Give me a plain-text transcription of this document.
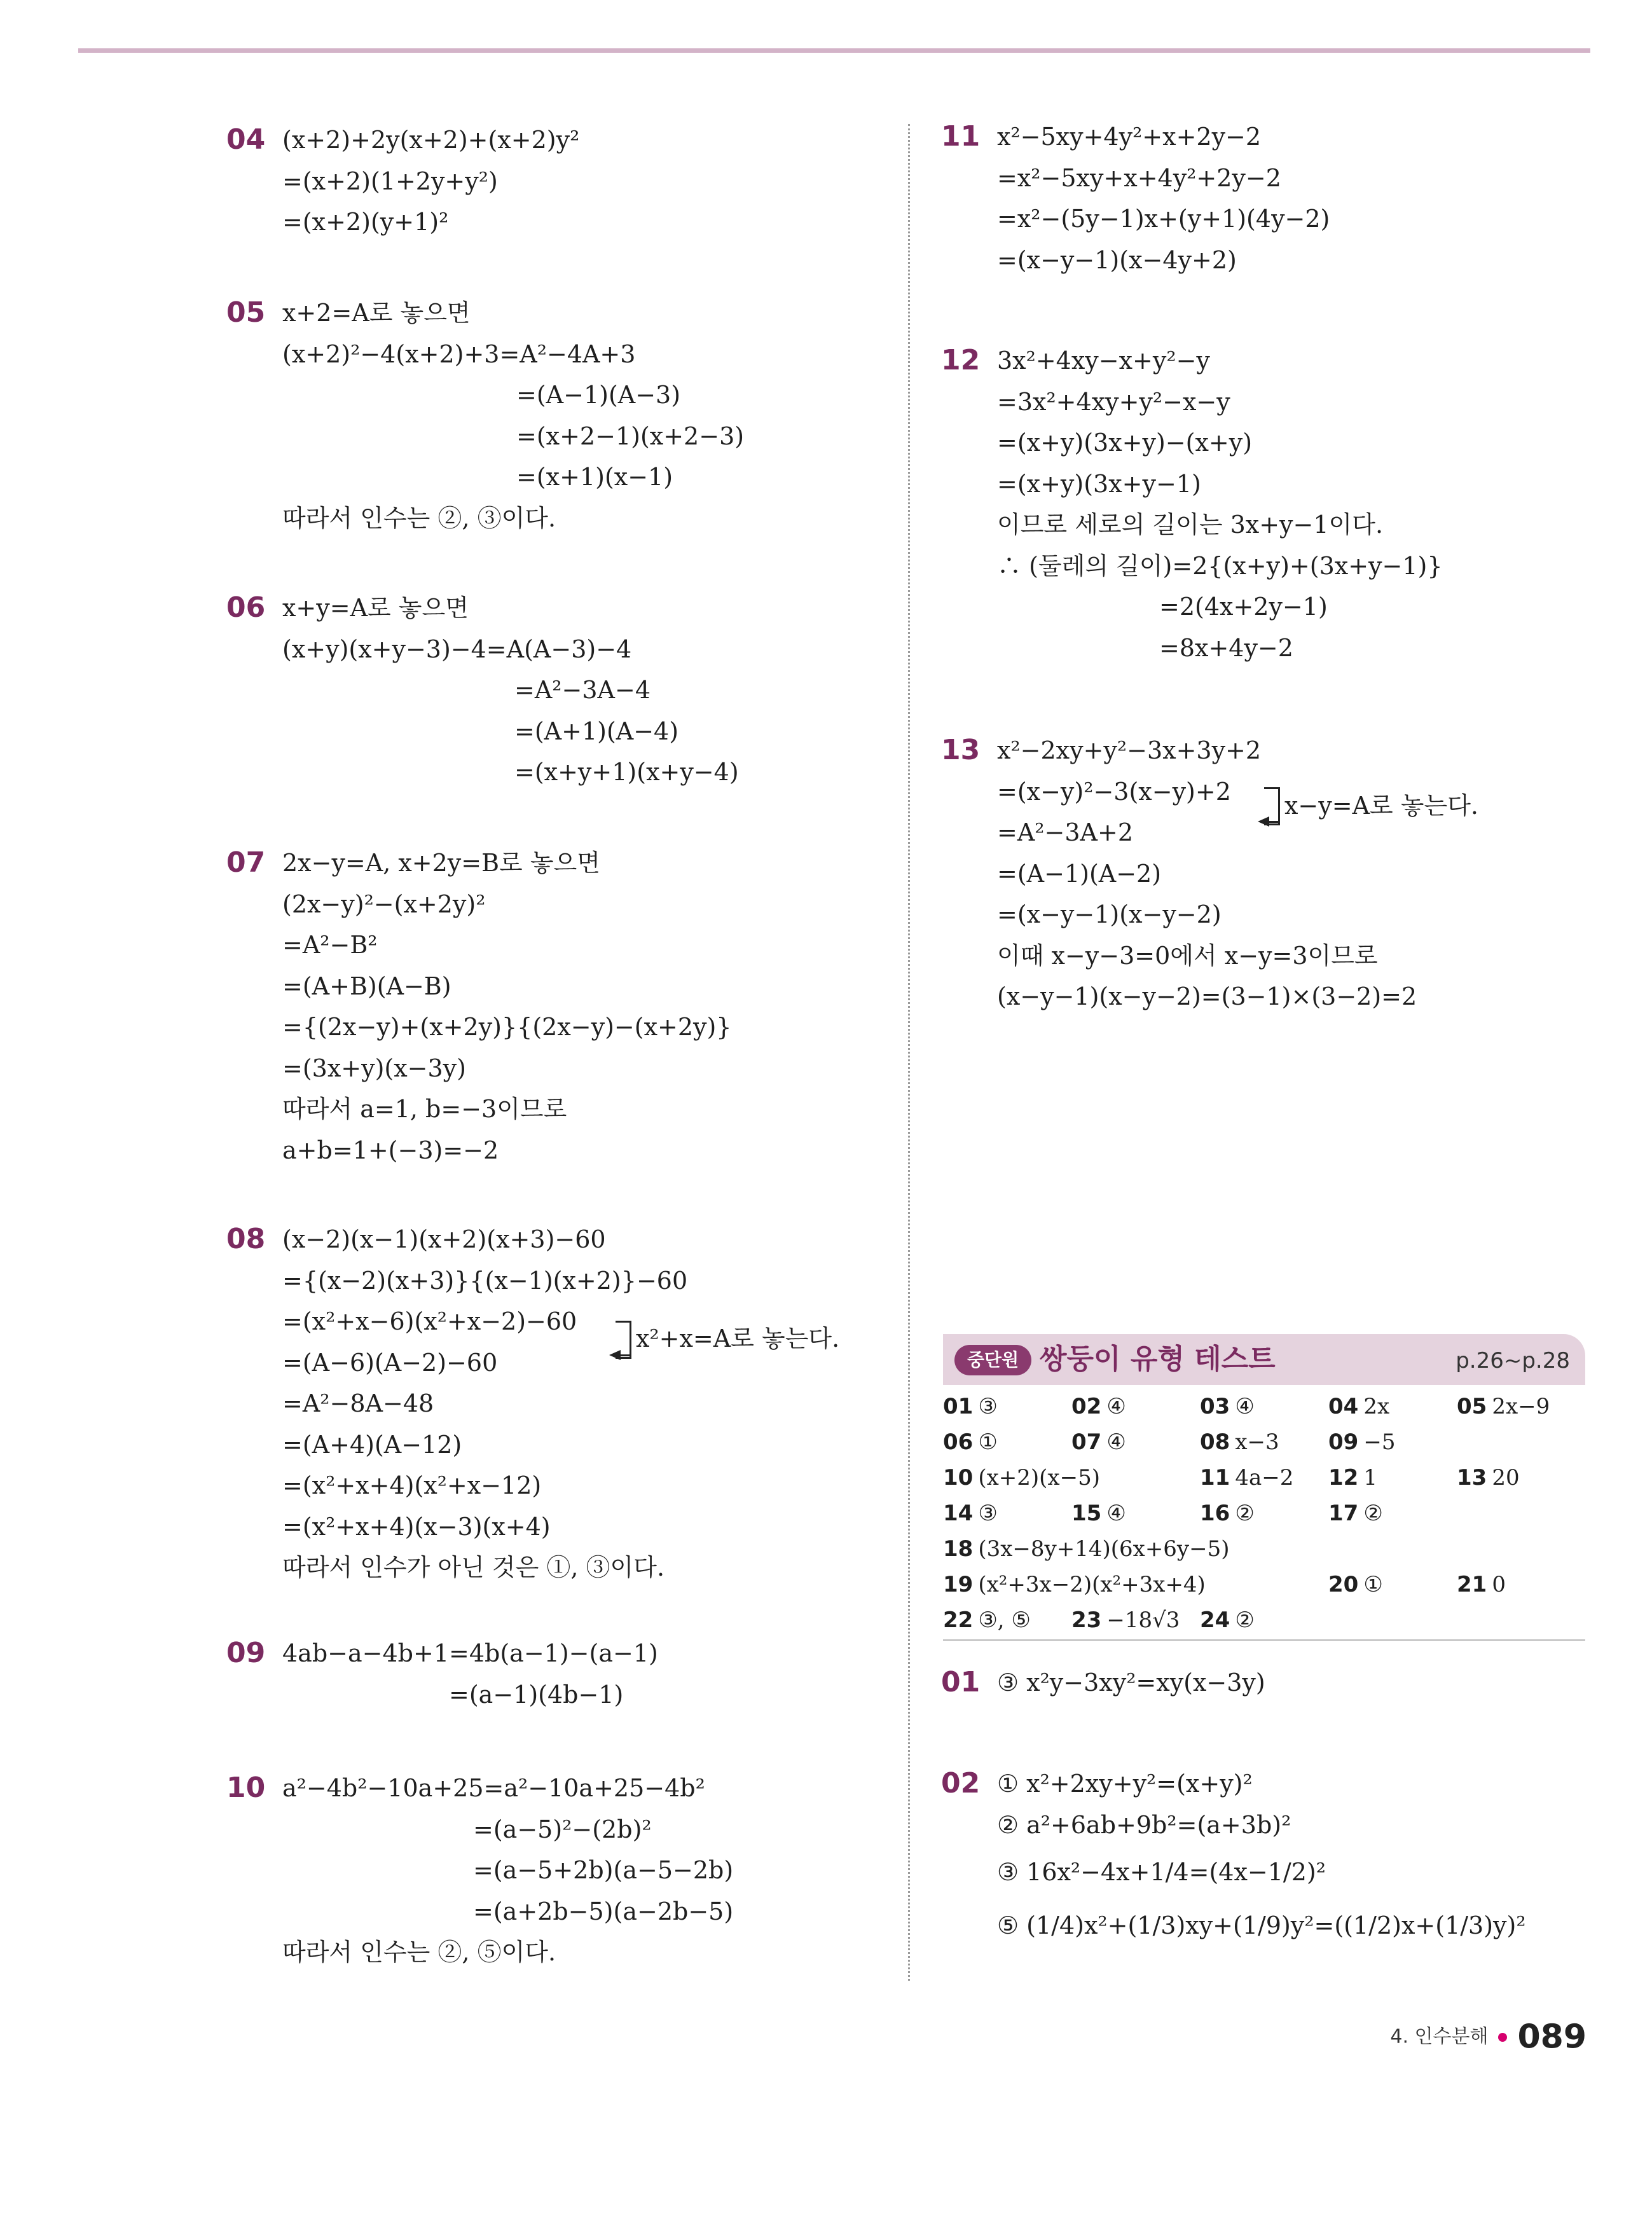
04 (x+2)+2y(x+2)+(x+2)y²
=(x+2)(1+2y+y²)
=(x+2)(y+1)²
05 x+2=A로 놓으면
(x+2)²−4(x+2)+3=A²−4A+3
=(A−1)(A−3)
=(x+2−1)(x+2−3)
=(x+1)(x−1)
따라서 인수는 ②, ③이다.
06 x+y=A로 놓으면
(x+y)(x+y−3)−4=A(A−3)−4
=A²−3A−4
=(A+1)(A−4)
=(x+y+1)(x+y−4)
07 2x−y=A, x+2y=B로 놓으면
(2x−y)²−(x+2y)²
=A²−B²
=(A+B)(A−B)
={(2x−y)+(x+2y)}{(2x−y)−(x+2y)}
=(3x+y)(x−3y)
따라서 a=1, b=−3이므로
a+b=1+(−3)=−2
08 (x−2)(x−1)(x+2)(x+3)−60
={(x−2)(x+3)}{(x−1)(x+2)}−60
=(x²+x−6)(x²+x−2)−60
=(A−6)(A−2)−60
=A²−8A−48
=(A+4)(A−12)
=(x²+x+4)(x²+x−12)
=(x²+x+4)(x−3)(x+4)
따라서 인수가 아닌 것은 ①, ③이다.
x²+x=A로 놓는다.
09 4ab−a−4b+1=4b(a−1)−(a−1)
=(a−1)(4b−1)
10 a²−4b²−10a+25=a²−10a+25−4b²
=(a−5)²−(2b)²
=(a−5+2b)(a−5−2b)
=(a+2b−5)(a−2b−5)
따라서 인수는 ②, ⑤이다.
11 x²−5xy+4y²+x+2y−2
=x²−5xy+x+4y²+2y−2
=x²−(5y−1)x+(y+1)(4y−2)
=(x−y−1)(x−4y+2)
12 3x²+4xy−x+y²−y
=3x²+4xy+y²−x−y
=(x+y)(3x+y)−(x+y)
=(x+y)(3x+y−1)
이므로 세로의 길이는 3x+y−1이다.
∴ (둘레의 길이)=2{(x+y)+(3x+y−1)}
=2(4x+2y−1)
=8x+4y−2
13 x²−2xy+y²−3x+3y+2
=(x−y)²−3(x−y)+2
=A²−3A+2
=(A−1)(A−2)
=(x−y−1)(x−y−2)
이때 x−y−3=0에서 x−y=3이므로
(x−y−1)(x−y−2)=(3−1)×(3−2)=2
x−y=A로 놓는다.
중단원 쌍둥이 유형 테스트	p.26~p.28
01 ③	02 ④	03 ④	04 2x	05 2x−9
06 ①	07 ④	08 x−3 09 −5
10 (x+2)(x−5)	11 4a−2 12 1	13 20
14 ③	15 ④	16 ②	17 ②
18 (3x−8y+14)(6x+6y−5)
19 (x²+3x−2)(x²+3x+4)	20 ①	21 0
22 ③, ⑤ 23 −18√3 24 ②
01 ③ x²y−3xy²=xy(x−3y)
02 ① x²+2xy+y²=(x+y)²
② a²+6ab+9b²=(a+3b)²
③ 16x²−4x+1/4=(4x−1/2)²
⑤ (1/4)x²+(1/3)xy+(1/9)y²=((1/2)x+(1/3)y)²
4. 인수분해 089
